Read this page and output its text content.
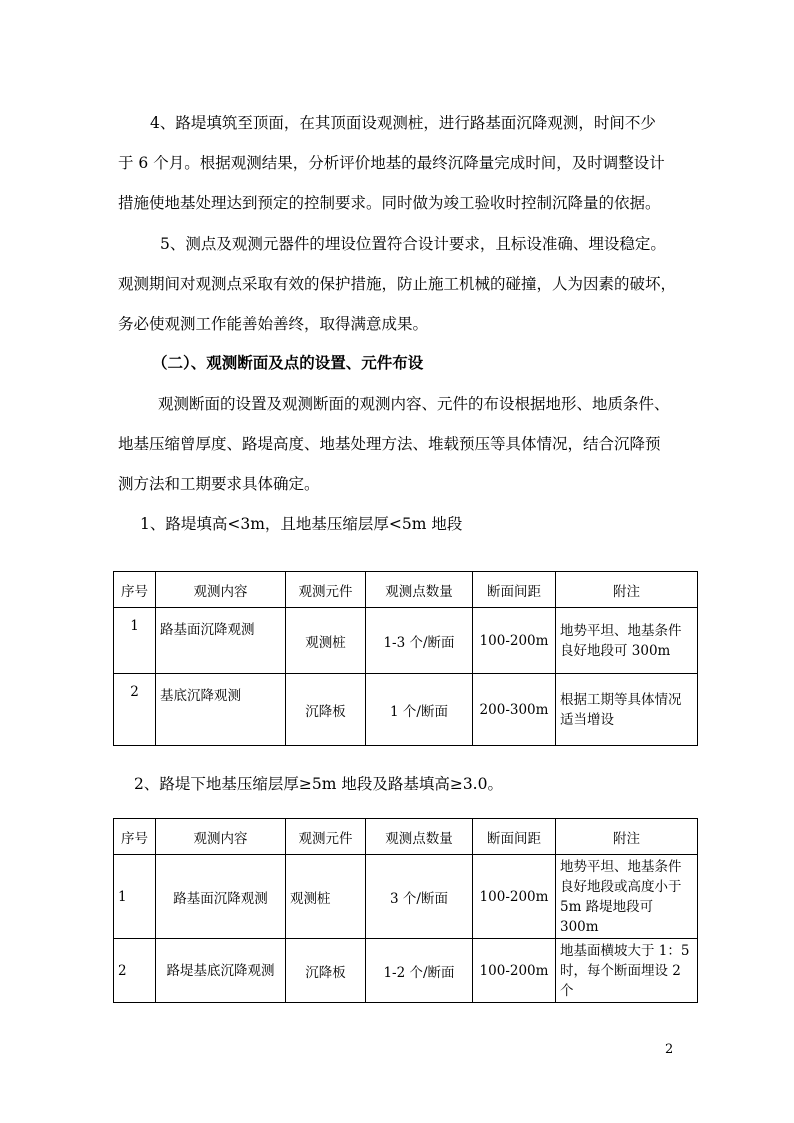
4、路堤填筑至顶面，在其顶面设观测桩，进行路基面沉降观测，时间不少
于 6 个月。根据观测结果，分析评价地基的最终沉降量完成时间，及时调整设计
措施使地基处理达到预定的控制要求。同时做为竣工验收时控制沉降量的依据。
5、测点及观测元器件的埋设位置符合设计要求，且标设准确、埋设稳定。
观测期间对观测点采取有效的保护措施，防止施工机械的碰撞，人为因素的破坏，
务必使观测工作能善始善终，取得满意成果。
（二）、观测断面及点的设置、元件布设
观测断面的设置及观测断面的观测内容、元件的布设根据地形、地质条件、
地基压缩曾厚度、路堤高度、地基处理方法、堆载预压等具体情况，结合沉降预
测方法和工期要求具体确定。
1、路堤填高<3m，且地基压缩层厚<5m 地段
序号	观测内容	观测元件	观测点数量	断面间距	附注
1	路基面沉降观测	观测桩	1-3 个/断面	100-200m	地势平坦、地基条件良好地段可 300m
2	基底沉降观测	沉降板	1 个/断面	200-300m	根据工期等具体情况适当增设
2、路堤下地基压缩层厚≥5m 地段及路基填高≥3.0。
序号	观测内容	观测元件	观测点数量	断面间距	附注
1	路基面沉降观测	观测桩	3 个/断面	100-200m	地势平坦、地基条件良好地段或高度小于 5m 路堤地段可 300m
2	路堤基底沉降观测	沉降板	1-2 个/断面	100-200m	地基面横坡大于 1：5 时，每个断面埋设 2 个
2
